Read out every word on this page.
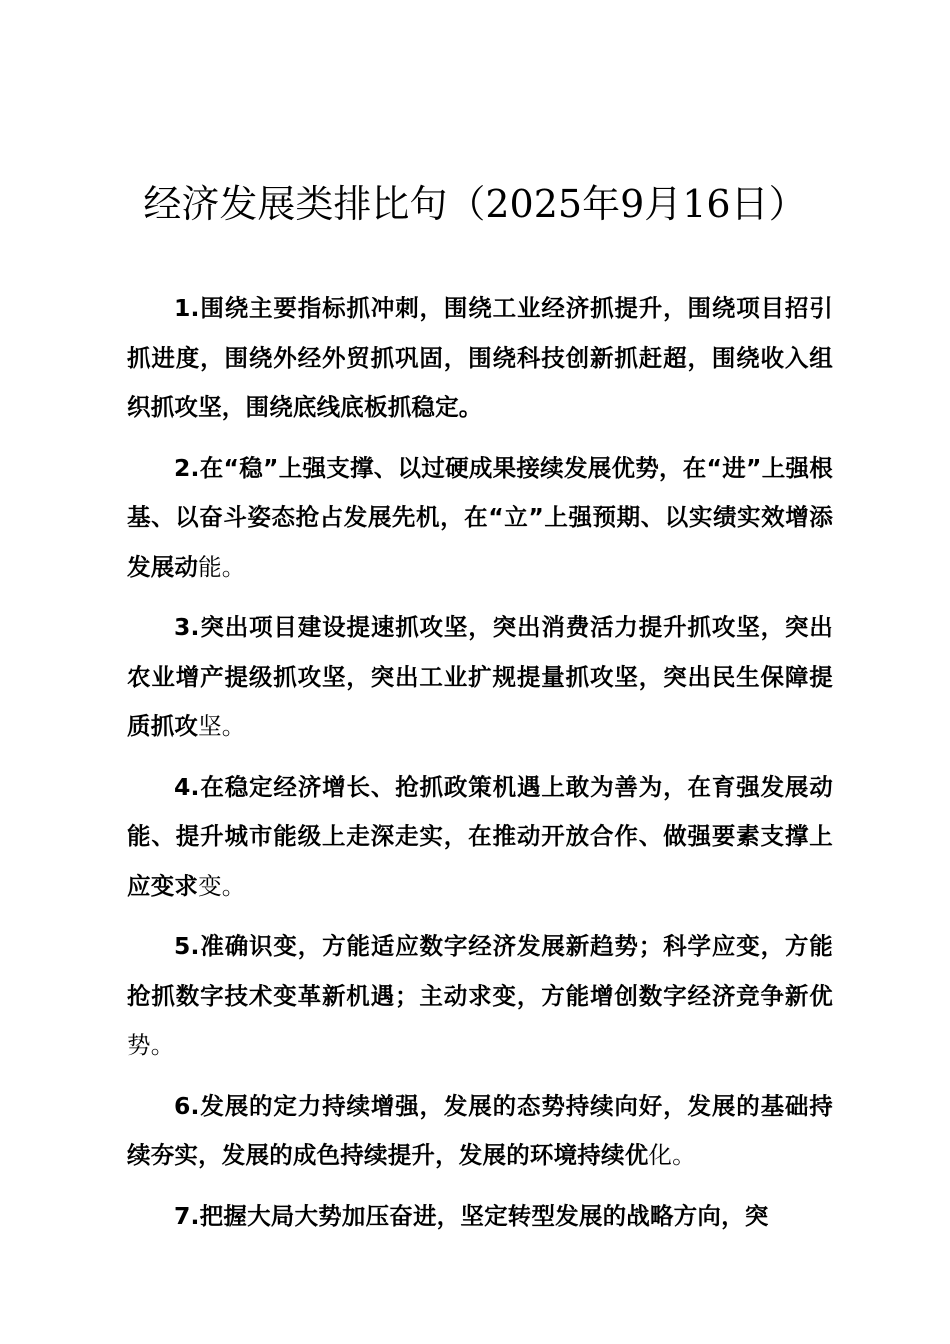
经济发展类排比句（2025年9月16日）

1.围绕主要指标抓冲刺，围绕工业经济抓提升，围绕项目招引抓进度，围绕外经外贸抓巩固，围绕科技创新抓赶超，围绕收入组织抓攻坚，围绕底线底板抓稳定。

2.在“稳”上强支撑、以过硬成果接续发展优势，在“进”上强根基、以奋斗姿态抢占发展先机，在“立”上强预期、以实绩实效增添发展动能。

3.突出项目建设提速抓攻坚，突出消费活力提升抓攻坚，突出农业增产提级抓攻坚，突出工业扩规提量抓攻坚，突出民生保障提质抓攻坚。

4.在稳定经济增长、抢抓政策机遇上敢为善为，在育强发展动能、提升城市能级上走深走实，在推动开放合作、做强要素支撑上应变求变。

5.准确识变，方能适应数字经济发展新趋势；科学应变，方能抢抓数字技术变革新机遇；主动求变，方能增创数字经济竞争新优势。

6.发展的定力持续增强，发展的态势持续向好，发展的基础持续夯实，发展的成色持续提升，发展的环境持续优化。

7.把握大局大势加压奋进，坚定转型发展的战略方向，突
